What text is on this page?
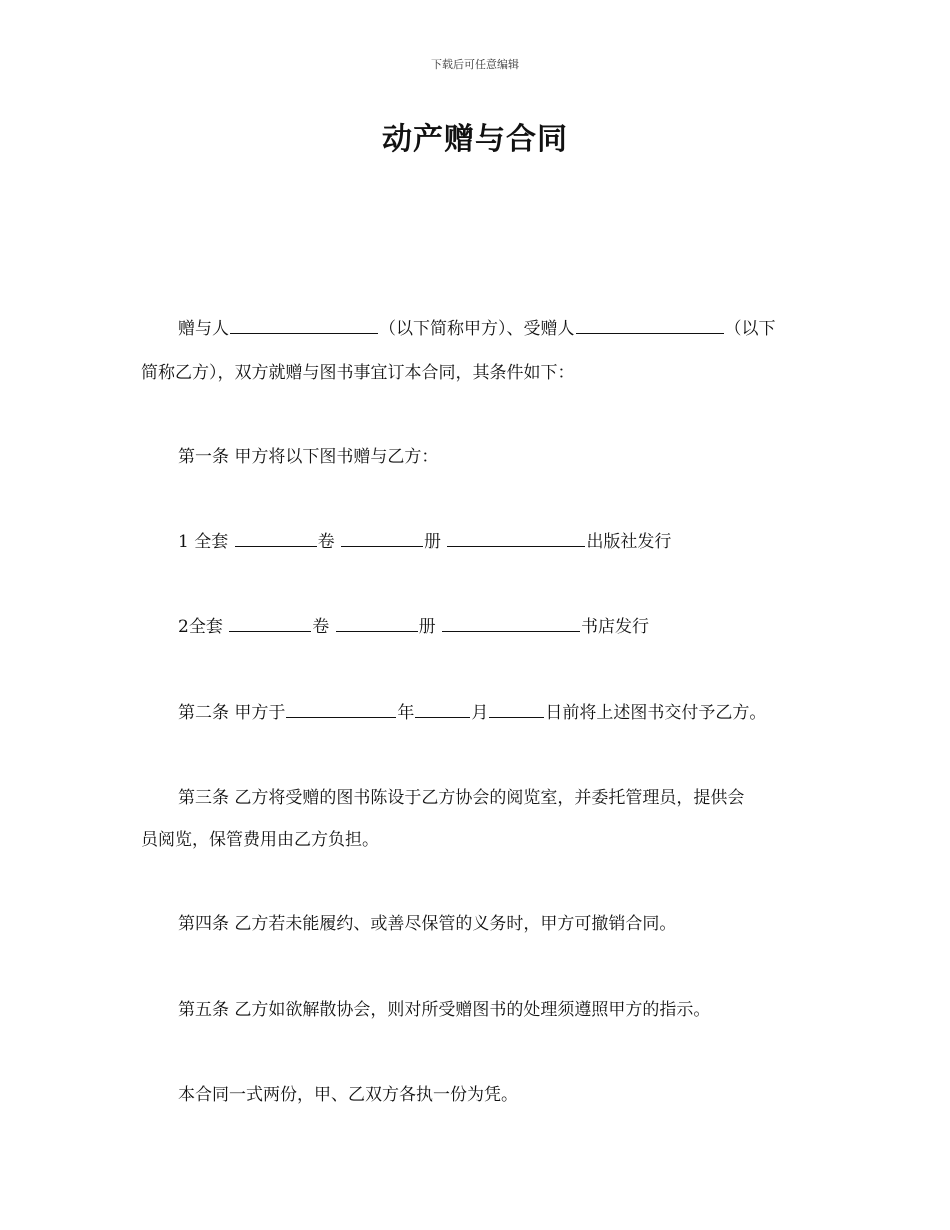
下载后可任意编辑
动产赠与合同
赠与人	（以下简称甲方）、受赠人	（以下
简称乙方），双方就赠与图书事宜订本合同，其条件如下：
第一条 甲方将以下图书赠与乙方：
1 全套	卷	册	出版社发行
2全套	卷	册	书店发行
第二条 甲方于	年	月	日前将上述图书交付予乙方。
第三条 乙方将受赠的图书陈设于乙方协会的阅览室，并委托管理员，提供会
员阅览，保管费用由乙方负担。
第四条 乙方若未能履约、或善尽保管的义务时，甲方可撤销合同。
第五条 乙方如欲解散协会，则对所受赠图书的处理须遵照甲方的指示。
本合同一式两份，甲、乙双方各执一份为凭。
